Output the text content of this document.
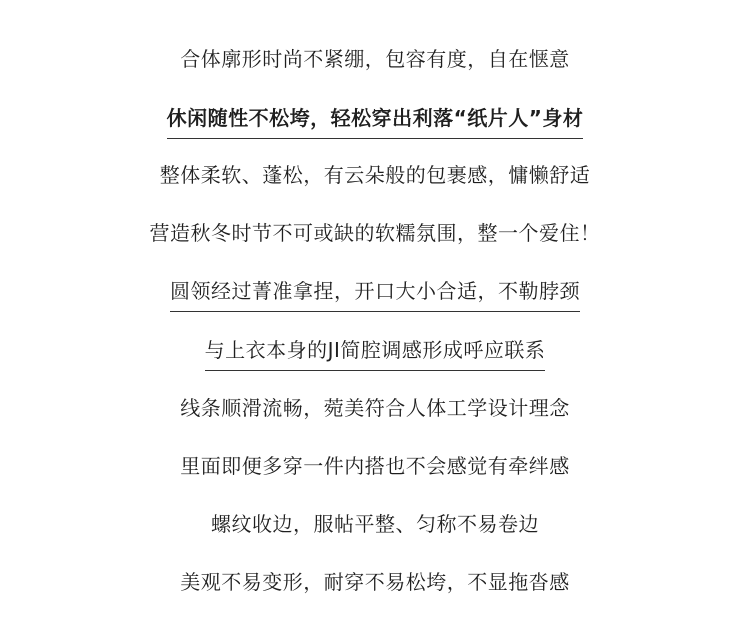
合体廓形时尚不紧绷，包容有度，自在惬意
休闲随性不松垮，轻松穿出利落“纸片人”身材
整体柔软、蓬松，有云朵般的包裹感，慵懒舒适
营造秋冬时节不可或缺的软糯氛围，整一个爱住！
圆领经过菁准拿捏，开口大小合适，不勒脖颈
与上衣本身的JI简腔调感形成呼应联系
线条顺滑流畅，菀美符合人体工学设计理念
里面即便多穿一件内搭也不会感觉有牵绊感
螺纹收边，服帖平整、匀称不易卷边
美观不易变形，耐穿不易松垮，不显拖沓感
